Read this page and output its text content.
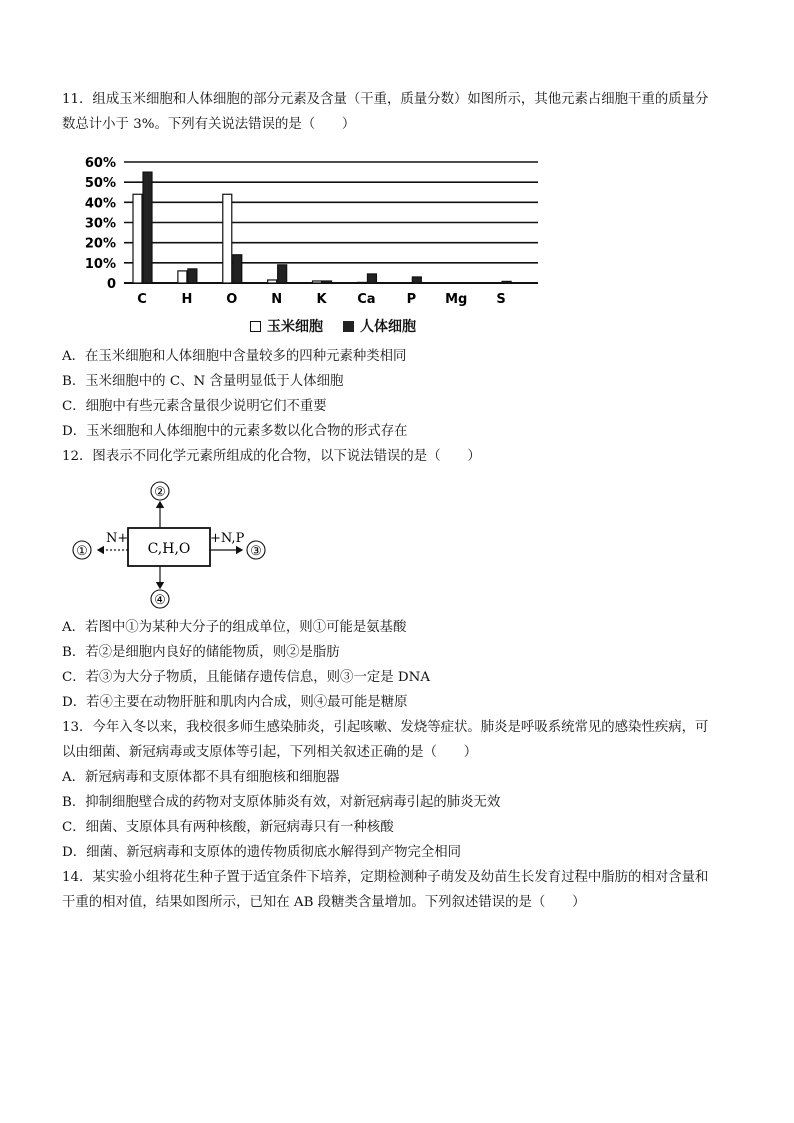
11．组成玉米细胞和人体细胞的部分元素及含量（干重，质量分数）如图所示，其他元素占细胞干重的质量分
数总计小于 3%。下列有关说法错误的是（　　）
60%
50%
40%
30%
20%
10%
0
C	H	O	N	K Ca P Mg S
玉米细胞	人体细胞
A．在玉米细胞和人体细胞中含量较多的四种元素种类相同
B．玉米细胞中的 C、N 含量明显低于人体细胞
C．细胞中有些元素含量很少说明它们不重要
D．玉米细胞和人体细胞中的元素多数以化合物的形式存在
12．图表示不同化学元素所组成的化合物，以下说法错误的是（　　）
C,H,O
②
N+
①
+N,P
③
④
A．若图中①为某种大分子的组成单位，则①可能是氨基酸
B．若②是细胞内良好的储能物质，则②是脂肪
C．若③为大分子物质，且能储存遗传信息，则③一定是 DNA
D．若④主要在动物肝脏和肌肉内合成，则④最可能是糖原
13．今年入冬以来，我校很多师生感染肺炎，引起咳嗽、发烧等症状。肺炎是呼吸系统常见的感染性疾病，可
以由细菌、新冠病毒或支原体等引起，下列相关叙述正确的是（　　）
A．新冠病毒和支原体都不具有细胞核和细胞器
B．抑制细胞壁合成的药物对支原体肺炎有效，对新冠病毒引起的肺炎无效
C．细菌、支原体具有两种核酸，新冠病毒只有一种核酸
D．细菌、新冠病毒和支原体的遗传物质彻底水解得到产物完全相同
14．某实验小组将花生种子置于适宜条件下培养，定期检测种子萌发及幼苗生长发育过程中脂肪的相对含量和
干重的相对值，结果如图所示，已知在 AB 段糖类含量增加。下列叙述错误的是（　　）
